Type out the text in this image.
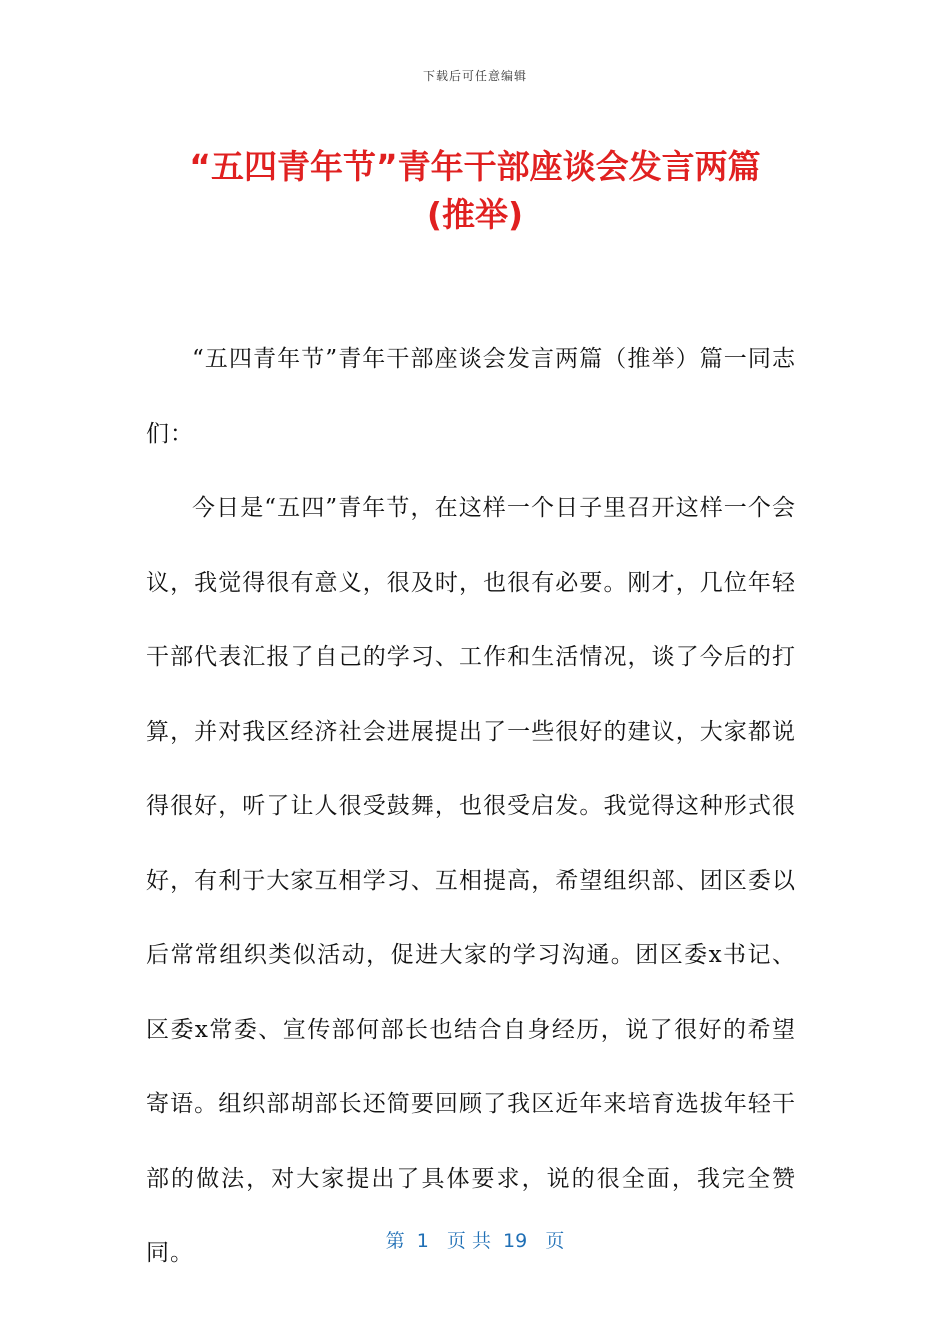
下载后可任意编辑
“五四青年节”青年干部座谈会发言两篇
(推举)

“五四青年节”青年干部座谈会发言两篇（推举）篇一同志们：

今日是“五四”青年节，在这样一个日子里召开这样一个会议，我觉得很有意义，很及时，也很有必要。刚才，几位年轻干部代表汇报了自己的学习、工作和生活情况，谈了今后的打算，并对我区经济社会进展提出了一些很好的建议，大家都说得很好，听了让人很受鼓舞，也很受启发。我觉得这种形式很好，有利于大家互相学习、互相提高，希望组织部、团区委以后常常组织类似活动，促进大家的学习沟通。团区委x书记、区委x常委、宣传部何部长也结合自身经历，说了很好的希望寄语。组织部胡部长还简要回顾了我区近年来培育选拔年轻干部的做法，对大家提出了具体要求，说的很全面，我完全赞同。	第  1   页 共  19   页
